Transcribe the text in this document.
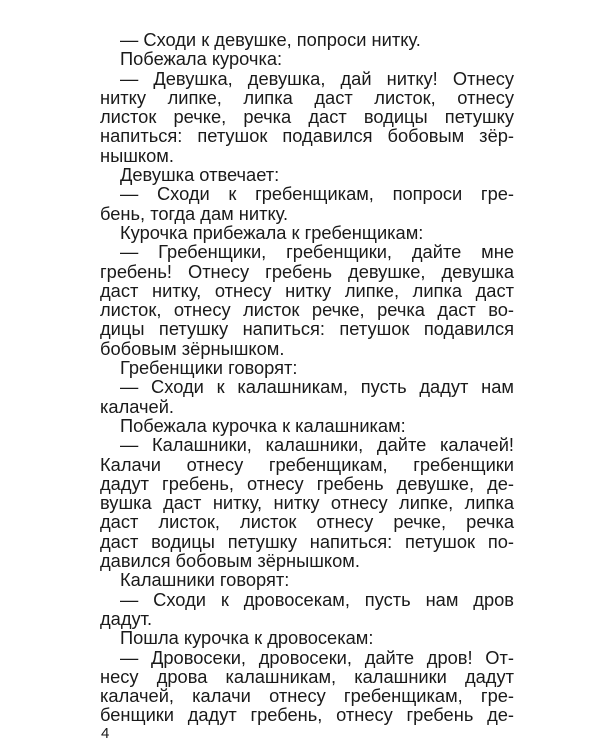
— Сходи к девушке, попроси нитку.
Побежала курочка:
— Девушка, девушка, дай нитку! Отнесу
нитку липке, липка даст листок, отнесу
листок речке, речка даст водицы петушку
напиться: петушок подавился бобовым зёр-
нышком.
Девушка отвечает:
— Сходи к гребенщикам, попроси гре-
бень, тогда дам нитку.
Курочка прибежала к гребенщикам:
— Гребенщики, гребенщики, дайте мне
гребень! Отнесу гребень девушке, девушка
даст нитку, отнесу нитку липке, липка даст
листок, отнесу листок речке, речка даст во-
дицы петушку напиться: петушок подавился
бобовым зёрнышком.
Гребенщики говорят:
— Сходи к калашникам, пусть дадут нам
калачей.
Побежала курочка к калашникам:
— Калашники, калашники, дайте калачей!
Калачи отнесу гребенщикам, гребенщики
дадут гребень, отнесу гребень девушке, де-
вушка даст нитку, нитку отнесу липке, липка
даст листок, листок отнесу речке, речка
даст водицы петушку напиться: петушок по-
давился бобовым зёрнышком.
Калашники говорят:
— Сходи к дровосекам, пусть нам дров
дадут.
Пошла курочка к дровосекам:
— Дровосеки, дровосеки, дайте дров! От-
несу дрова калашникам, калашники дадут
калачей, калачи отнесу гребенщикам, гре-
бенщики дадут гребень, отнесу гребень де-
4
